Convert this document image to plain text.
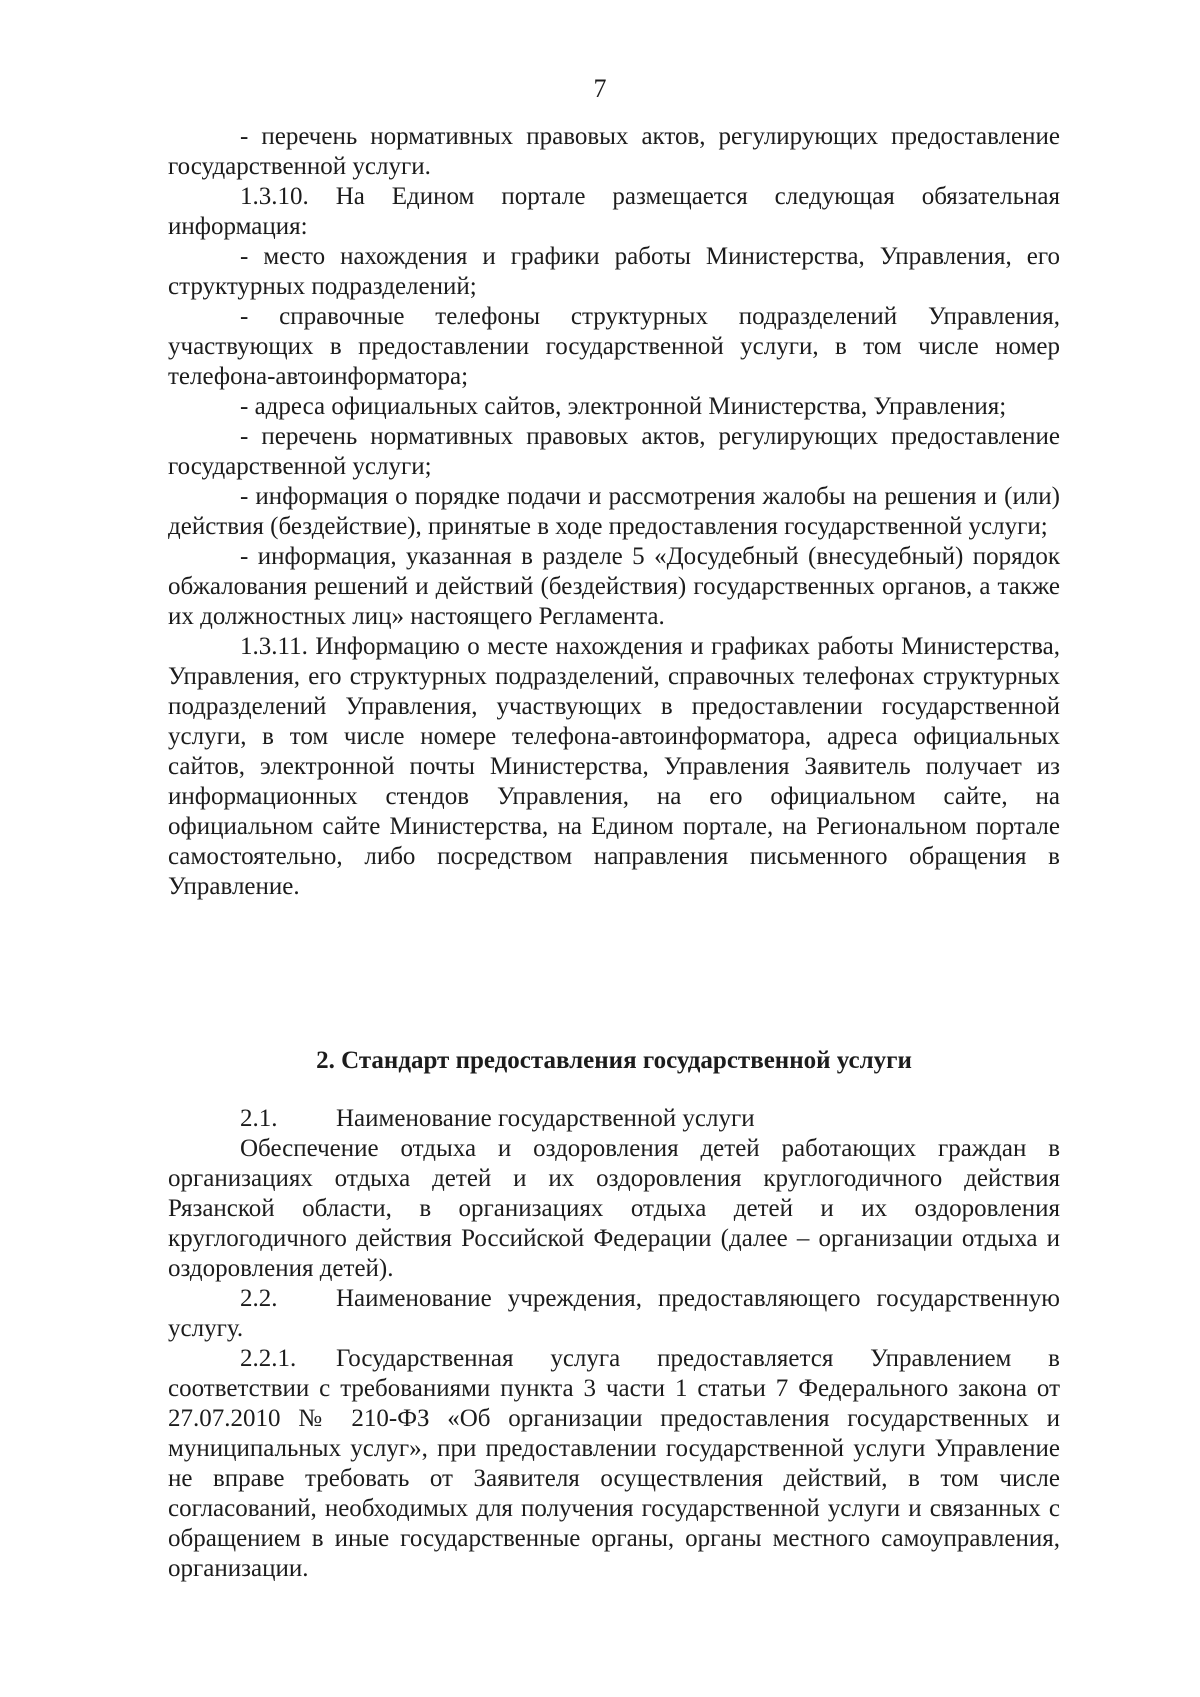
7

- перечень нормативных правовых актов, регулирующих предоставление государственной услуги.

1.3.10. На Едином портале размещается следующая обязательная информация:

- место нахождения и графики работы Министерства, Управления, его структурных подразделений;

- справочные телефоны структурных подразделений Управления, участвующих в предоставлении государственной услуги, в том числе номер телефона-автоинформатора;

- адреса официальных сайтов, электронной Министерства, Управления;

- перечень нормативных правовых актов, регулирующих предоставление государственной услуги;

- информация о порядке подачи и рассмотрения жалобы на решения и (или) действия (бездействие), принятые в ходе предоставления государственной услуги;

- информация, указанная в разделе 5 «Досудебный (внесудебный) порядок обжалования решений и действий (бездействия) государственных органов, а также их должностных лиц» настоящего Регламента.

1.3.11. Информацию о месте нахождения и графиках работы Министерства, Управления, его структурных подразделений, справочных телефонах структурных подразделений Управления, участвующих в предоставлении государственной услуги, в том числе номере телефона-автоинформатора, адреса официальных сайтов, электронной почты Министерства, Управления Заявитель получает из информационных стендов Управления, на его официальном сайте, на официальном сайте Министерства, на Едином портале, на Региональном портале самостоятельно, либо посредством направления письменного обращения в Управление.

2. Стандарт предоставления государственной услуги

2.1. Наименование государственной услуги

Обеспечение отдыха и оздоровления детей работающих граждан в организациях отдыха детей и их оздоровления круглогодичного действия Рязанской области, в организациях отдыха детей и их оздоровления круглогодичного действия Российской Федерации (далее – организации отдыха и оздоровления детей).

2.2. Наименование учреждения, предоставляющего государственную услугу.

2.2.1. Государственная услуга предоставляется Управлением в соответствии с требованиями пункта 3 части 1 статьи 7 Федерального закона от 27.07.2010 № 210-ФЗ «Об организации предоставления государственных и муниципальных услуг», при предоставлении государственной услуги Управление не вправе требовать от Заявителя осуществления действий, в том числе согласований, необходимых для получения государственной услуги и связанных с обращением в иные государственные органы, органы местного самоуправления, организации.
